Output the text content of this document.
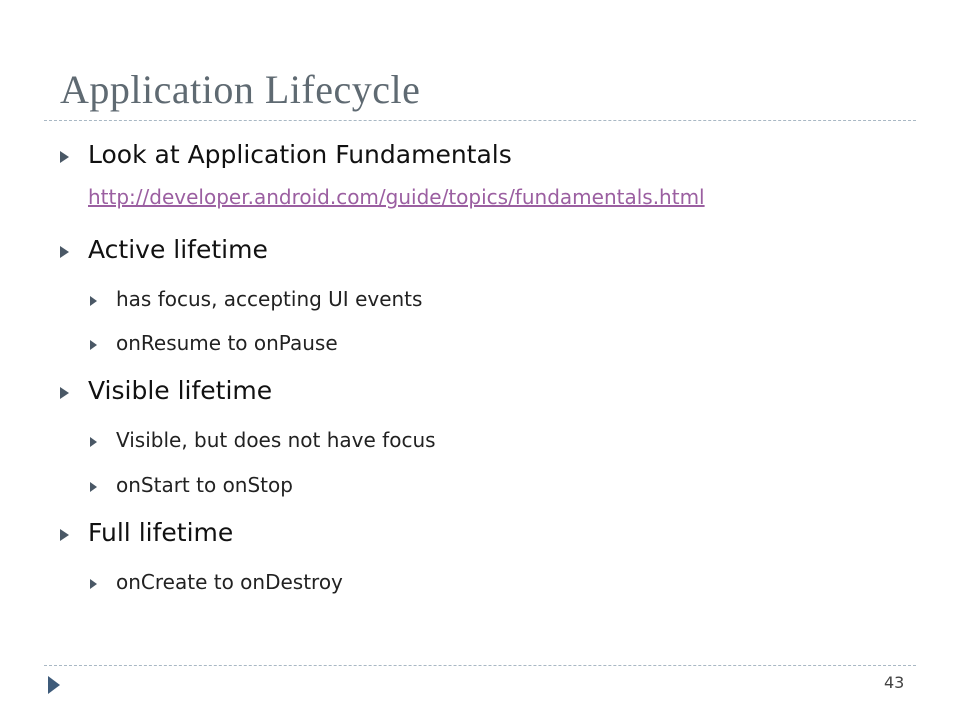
Application Lifecycle
Look at Application Fundamentals
http://developer.android.com/guide/topics/fundamentals.html
Active lifetime
has focus, accepting UI events
onResume to onPause
Visible lifetime
Visible, but does not have focus
onStart to onStop
Full lifetime
onCreate to onDestroy
43
